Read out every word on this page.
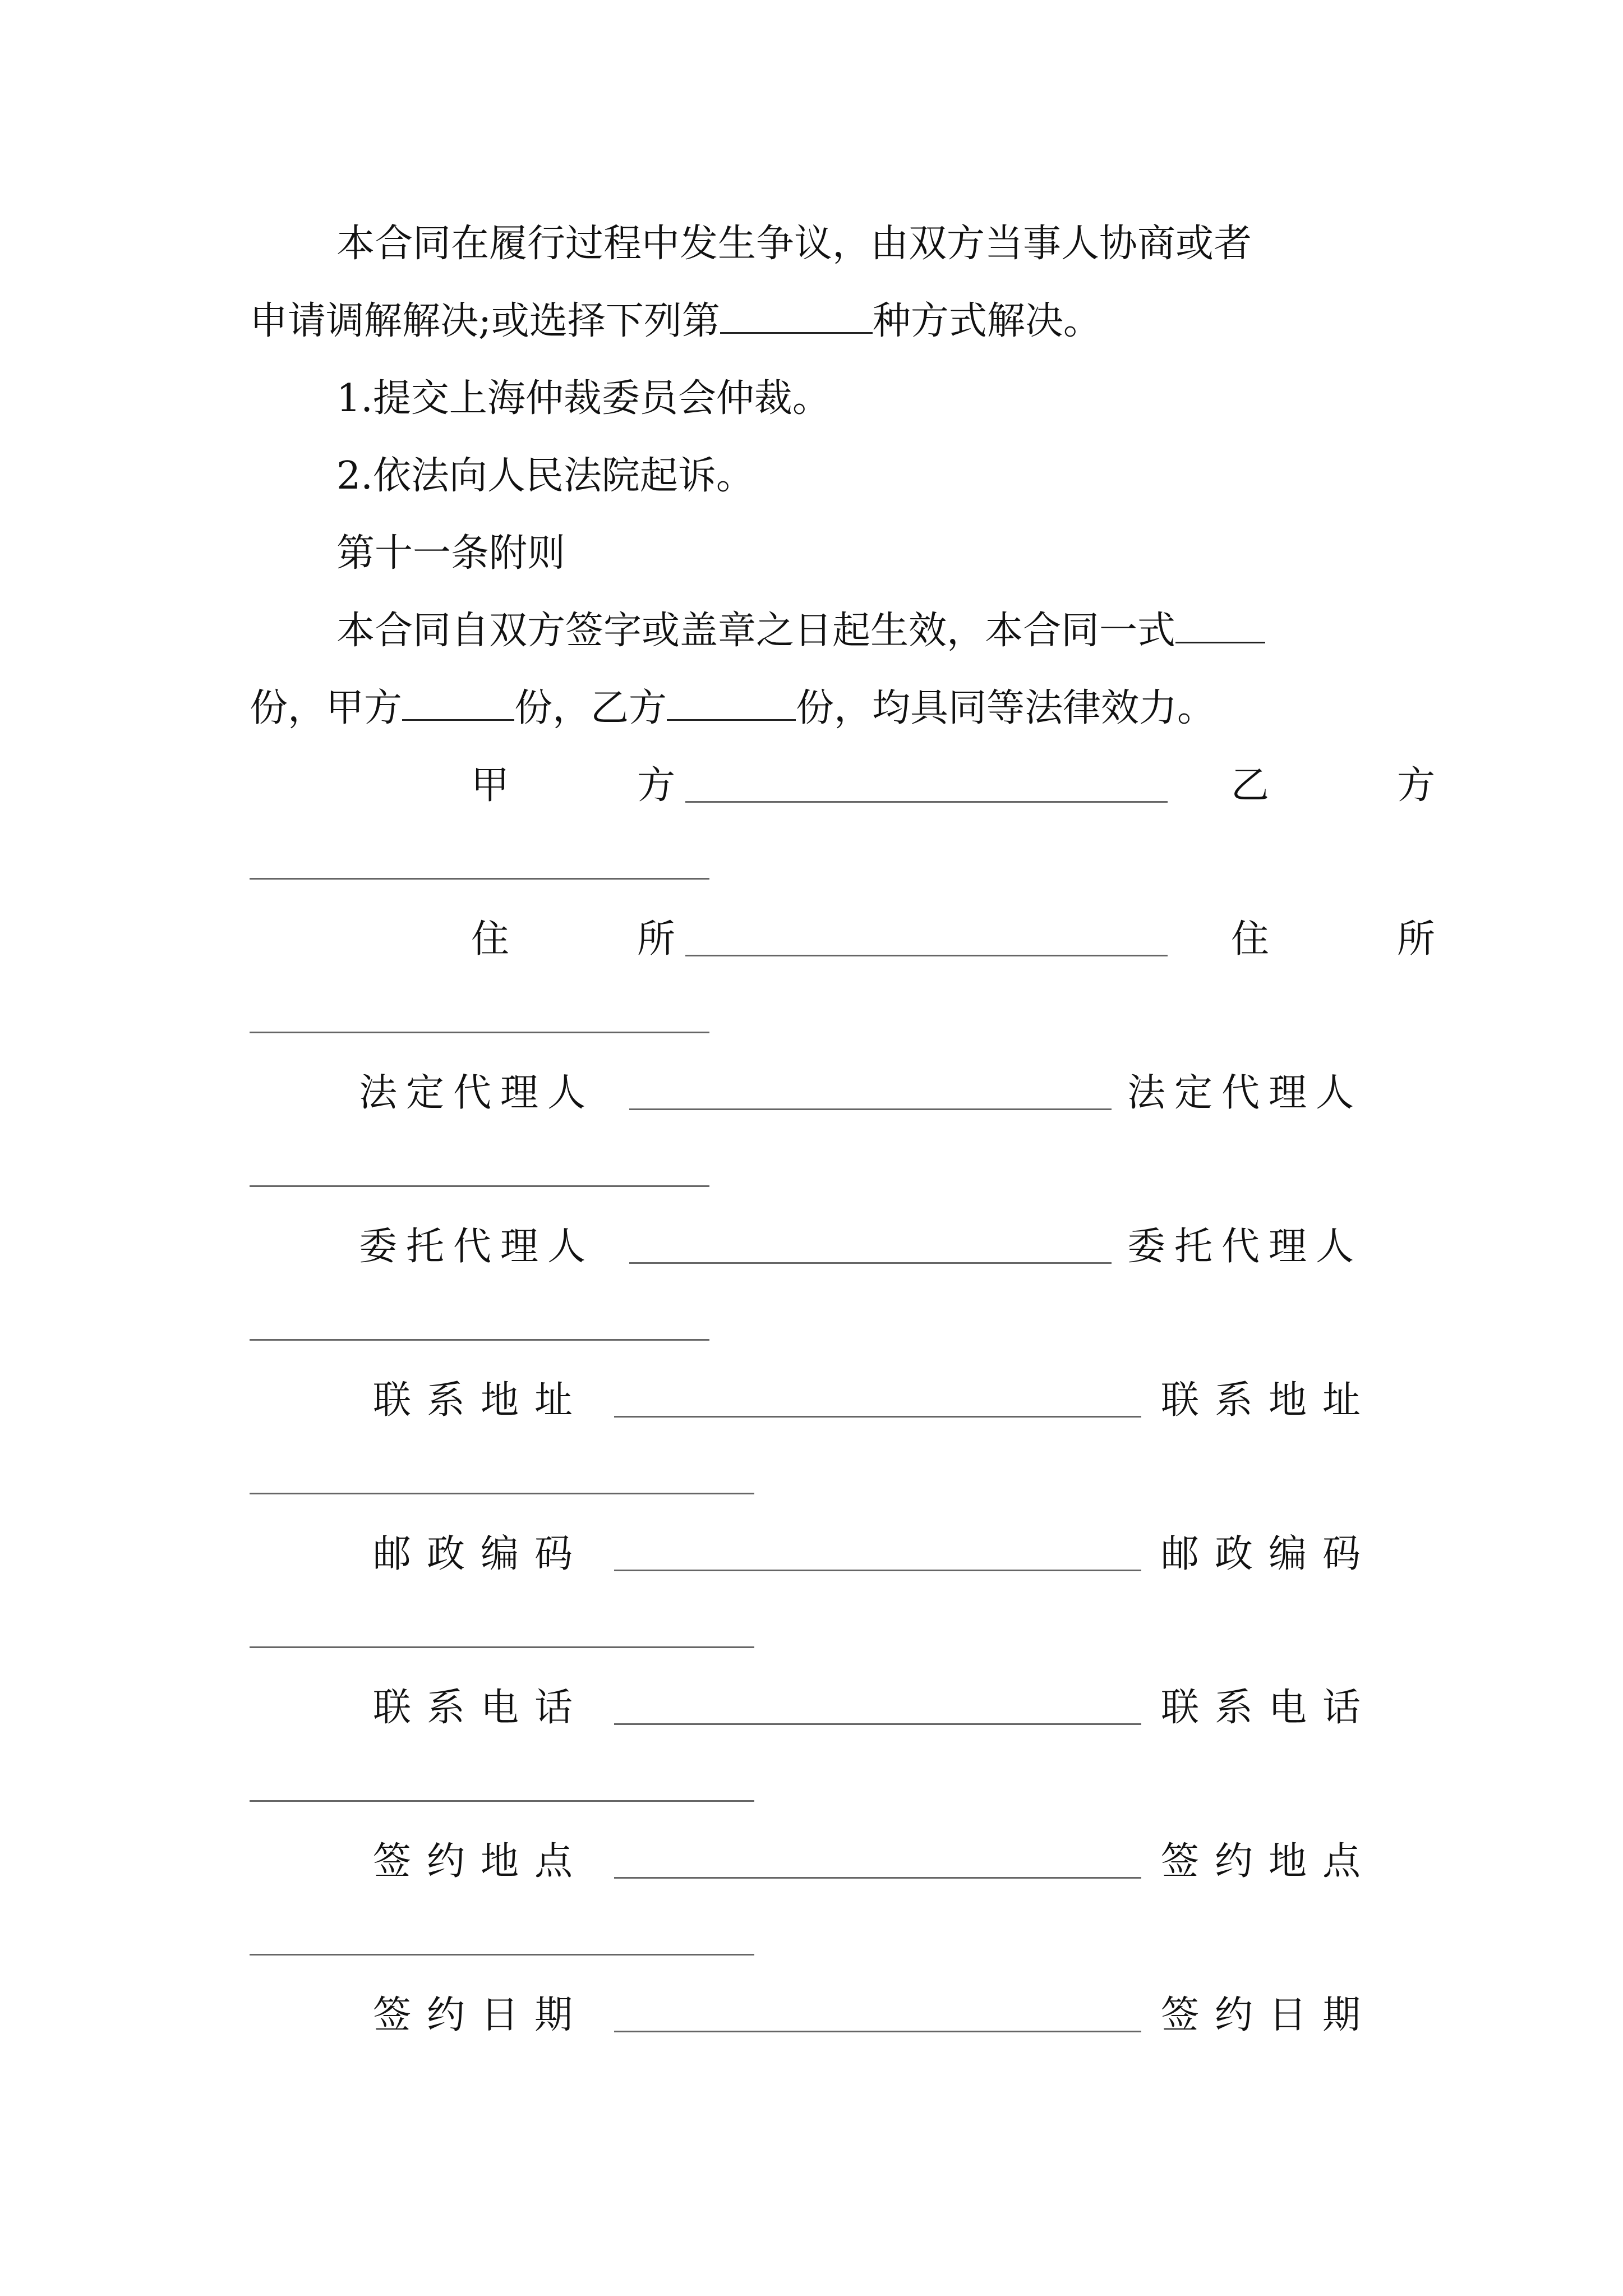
本合同在履行过程中发生争议，由双方当事人协商或者
申请调解解决;或选择下列第	种方式解决。
1.提交上海仲裁委员会仲裁。
2.依法向人民法院起诉。
第十一条附则
本合同自双方签字或盖章之日起生效，本合同一式
份，甲方	份，乙方	份，均具同等法律效力。
甲　方	乙　方
住　所	住　所
法定代理人	法定代理人
委托代理人	委托代理人
联系地址	联系地址
邮政编码	邮政编码
联系电话	联系电话
签约地点	签约地点
签约日期	签约日期
